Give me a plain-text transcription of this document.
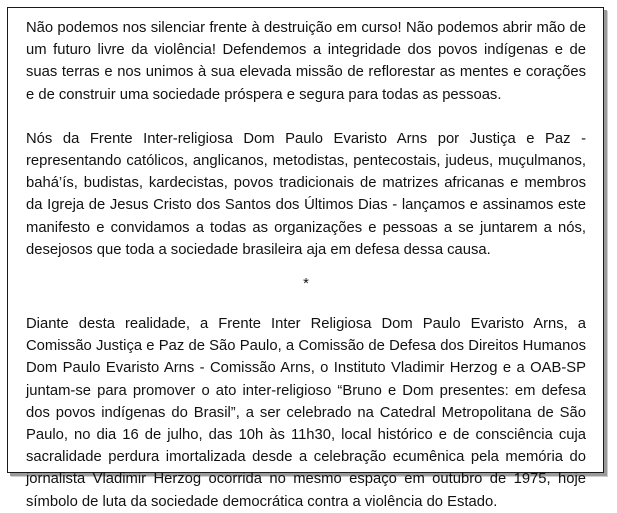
Não podemos nos silenciar frente à destruição em curso! Não podemos abrir mão de um futuro livre da violência! Defendemos a integridade dos povos indígenas e de suas terras e nos unimos à sua elevada missão de reflorestar as mentes e corações e de construir uma sociedade próspera e segura para todas as pessoas.

Nós da Frente Inter-religiosa Dom Paulo Evaristo Arns por Justiça e Paz - representando católicos, anglicanos, metodistas, pentecostais, judeus, muçulmanos, bahá’ís, budistas, kardecistas, povos tradicionais de matrizes africanas e membros da Igreja de Jesus Cristo dos Santos dos Últimos Dias - lançamos e assinamos este manifesto e convidamos a todas as organizações e pessoas a se juntarem a nós, desejosos que toda a sociedade brasileira aja em defesa dessa causa.

*

Diante desta realidade, a Frente Inter Religiosa Dom Paulo Evaristo Arns, a Comissão Justiça e Paz de São Paulo, a Comissão de Defesa dos Direitos Humanos Dom Paulo Evaristo Arns - Comissão Arns, o Instituto Vladimir Herzog e a OAB-SP juntam-se para promover o ato inter-religioso “Bruno e Dom presentes: em defesa dos povos indígenas do Brasil”, a ser celebrado na Catedral Metropolitana de São Paulo, no dia 16 de julho, das 10h às 11h30, local histórico e de consciência cuja sacralidade perdura imortalizada desde a celebração ecumênica pela memória do jornalista Vladimir Herzog ocorrida no mesmo espaço em outubro de 1975, hoje símbolo de luta da sociedade democrática contra a violência do Estado.
